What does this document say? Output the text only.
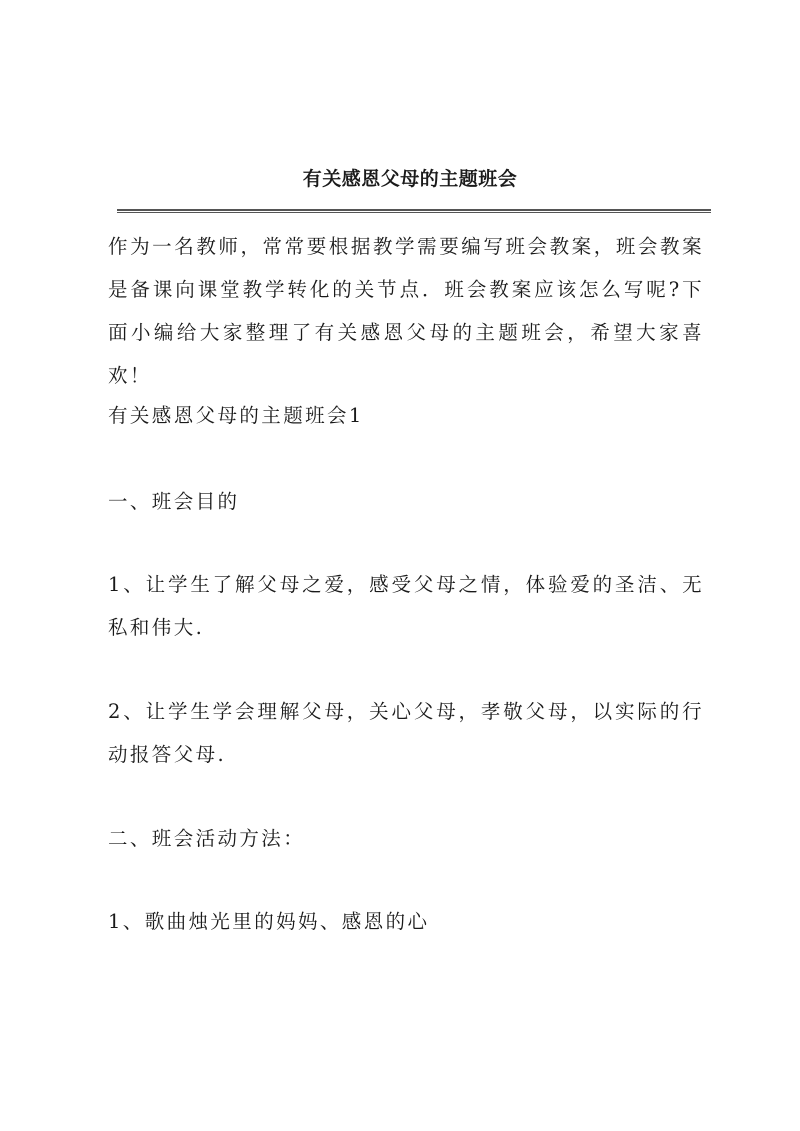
有关感恩父母的主题班会
作为一名教师，常常要根据教学需要编写班会教案，班会教案是备课向课堂教学转化的关节点．班会教案应该怎么写呢?下面小编给大家整理了有关感恩父母的主题班会，希望大家喜欢！
有关感恩父母的主题班会1
一、班会目的
1、让学生了解父母之爱，感受父母之情，体验爱的圣洁、无私和伟大.
2、让学生学会理解父母，关心父母，孝敬父母，以实际的行动报答父母.
二、班会活动方法：
1、歌曲烛光里的妈妈、感恩的心
